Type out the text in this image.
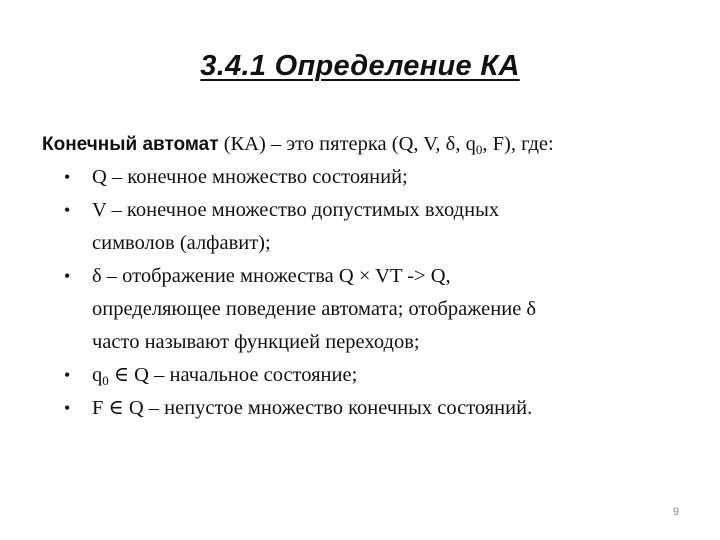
3.4.1 Определение КА

Конечный автомат (КА) – это пятерка (Q, V, δ, $q_0$, F), где:

• Q – конечное множество состояний;
• V – конечное множество допустимых входных
символов (алфавит);
• δ – отображение множества Q × VT -> Q,
определяющее поведение автомата; отображение δ
часто называют функцией переходов;
• $q_0$ ∈ Q – начальное состояние;
• F ∈ Q – непустое множество конечных состояний.
9
